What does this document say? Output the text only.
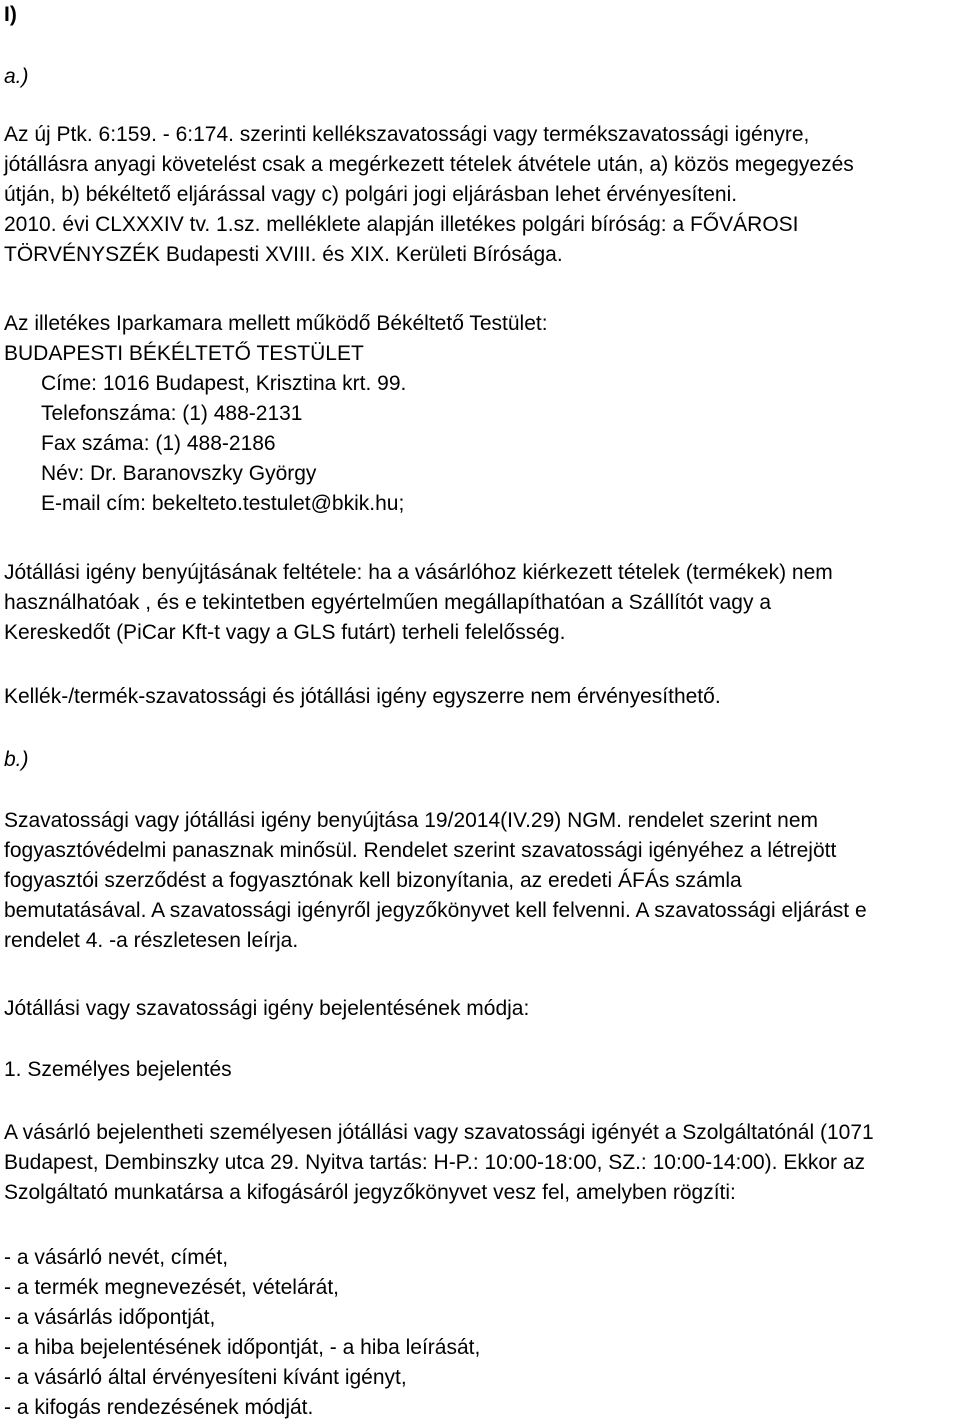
I)
a.)
Az új Ptk. 6:159. - 6:174. szerinti kellékszavatossági vagy termékszavatossági igényre,
jótállásra anyagi követelést csak a megérkezett tételek átvétele után, a) közös megegyezés
útján, b) békéltető eljárással vagy c) polgári jogi eljárásban lehet érvényesíteni.
2010. évi CLXXXIV tv. 1.sz. melléklete alapján illetékes polgári bíróság: a FŐVÁROSI
TÖRVÉNYSZÉK Budapesti XVIII. és XIX. Kerületi Bírósága.
Az illetékes Iparkamara mellett működő Békéltető Testület:
BUDAPESTI BÉKÉLTETŐ TESTÜLET
Címe: 1016 Budapest, Krisztina krt. 99.
Telefonszáma: (1) 488-2131
Fax száma: (1) 488-2186
Név: Dr. Baranovszky György
E-mail cím: bekelteto.testulet@bkik.hu;
Jótállási igény benyújtásának feltétele: ha a vásárlóhoz kiérkezett tételek (termékek) nem
használhatóak , és e tekintetben egyértelműen megállapíthatóan a Szállítót vagy a
Kereskedőt (PiCar Kft-t vagy a GLS futárt) terheli felelősség.
Kellék-/termék-szavatossági és jótállási igény egyszerre nem érvényesíthető.
b.)
Szavatossági vagy jótállási igény benyújtása 19/2014(IV.29) NGM. rendelet szerint nem
fogyasztóvédelmi panasznak minősül. Rendelet szerint szavatossági igényéhez a létrejött
fogyasztói szerződést a fogyasztónak kell bizonyítania, az eredeti ÁFÁs számla
bemutatásával. A szavatossági igényről jegyzőkönyvet kell felvenni. A szavatossági eljárást e
rendelet 4. -a részletesen leírja.
Jótállási vagy szavatossági igény bejelentésének módja:
1. Személyes bejelentés
A vásárló bejelentheti személyesen jótállási vagy szavatossági igényét a Szolgáltatónál (1071
Budapest, Dembinszky utca 29. Nyitva tartás: H-P.: 10:00-18:00, SZ.: 10:00-14:00). Ekkor az
Szolgáltató munkatársa a kifogásáról jegyzőkönyvet vesz fel, amelyben rögzíti:
- a vásárló nevét, címét,
- a termék megnevezését, vételárát,
- a vásárlás időpontját,
- a hiba bejelentésének időpontját, - a hiba leírását,
- a vásárló által érvényesíteni kívánt igényt,
- a kifogás rendezésének módját.
